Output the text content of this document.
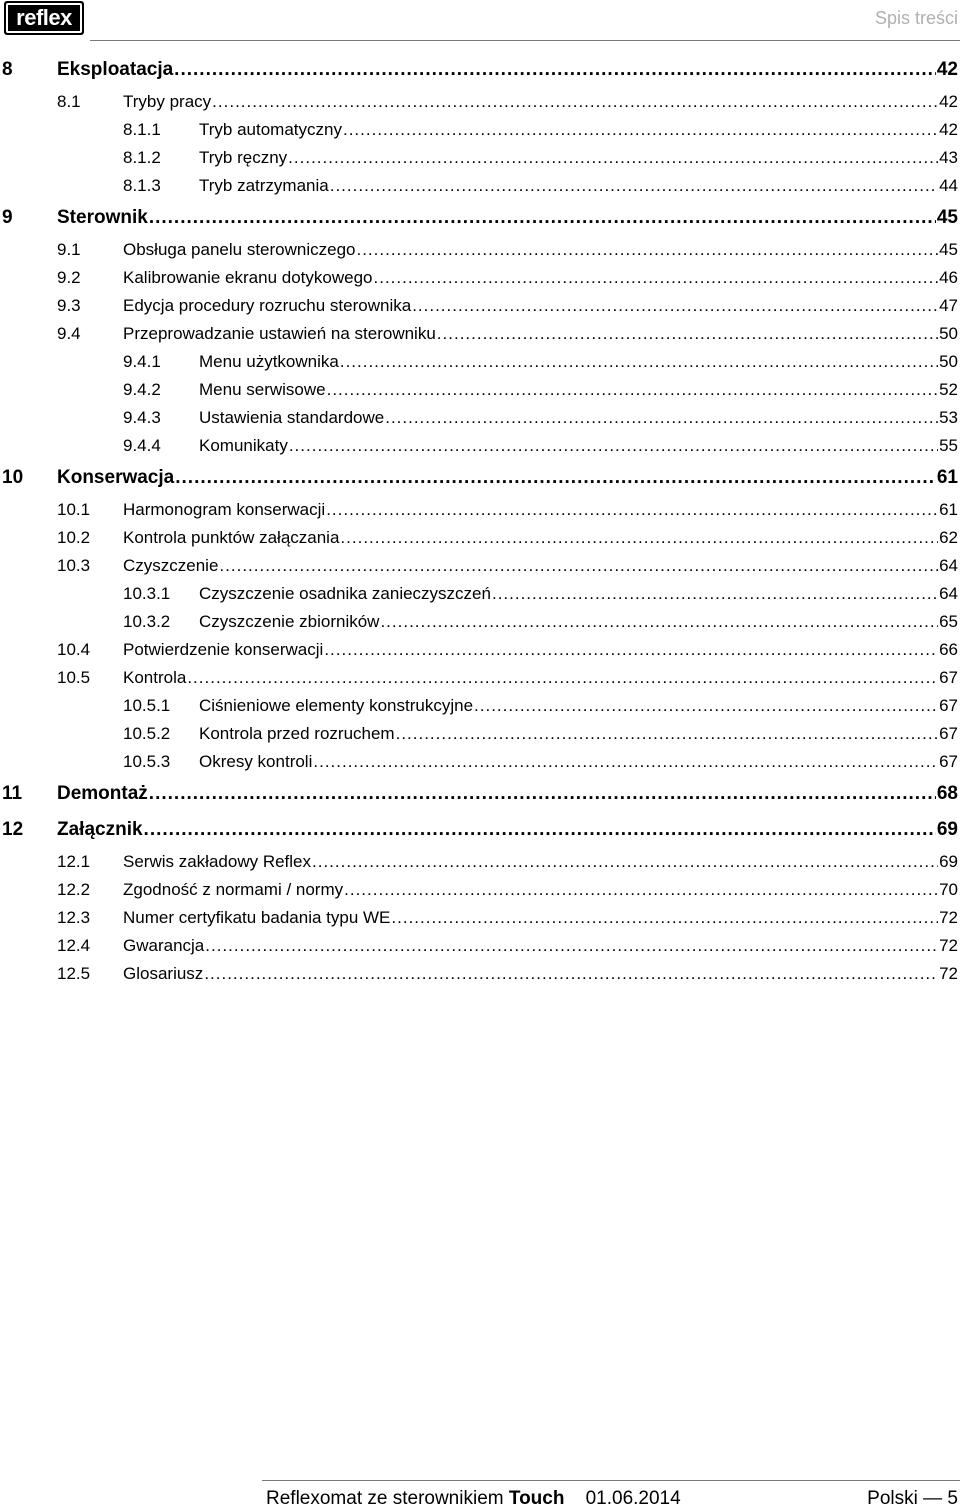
reflex	Spis treści
8 Eksploatacja .....	42
8.1 Tryby pracy .....	42
8.1.1 Tryb automatyczny .....	42
8.1.2 Tryb ręczny .....	43
8.1.3 Tryb zatrzymania .....	44
9 Sterownik .....	45
9.1 Obsługa panelu sterowniczego .....	45
9.2 Kalibrowanie ekranu dotykowego .....	46
9.3 Edycja procedury rozruchu sterownika .....	47
9.4 Przeprowadzanie ustawień na sterowniku .....	50
9.4.1 Menu użytkownika .....	50
9.4.2 Menu serwisowe .....	52
9.4.3 Ustawienia standardowe .....	53
9.4.4 Komunikaty .....	55
10 Konserwacja .....	61
10.1 Harmonogram konserwacji .....	61
10.2 Kontrola punktów załączania .....	62
10.3 Czyszczenie .....	64
10.3.1 Czyszczenie osadnika zanieczyszczeń .....	64
10.3.2 Czyszczenie zbiorników .....	65
10.4 Potwierdzenie konserwacji .....	66
10.5 Kontrola .....	67
10.5.1 Ciśnieniowe elementy konstrukcyjne .....	67
10.5.2 Kontrola przed rozruchem .....	67
10.5.3 Okresy kontroli .....	67
11 Demontaż .....	68
12 Załącznik .....	69
12.1 Serwis zakładowy Reflex .....	69
12.2 Zgodność z normami / normy .....	70
12.3 Numer certyfikatu badania typu WE .....	72
12.4 Gwarancja .....	72
12.5 Glosariusz .....	72
Reflexomat ze sterownikiem Touch 01.06.2014	Polski — 5
